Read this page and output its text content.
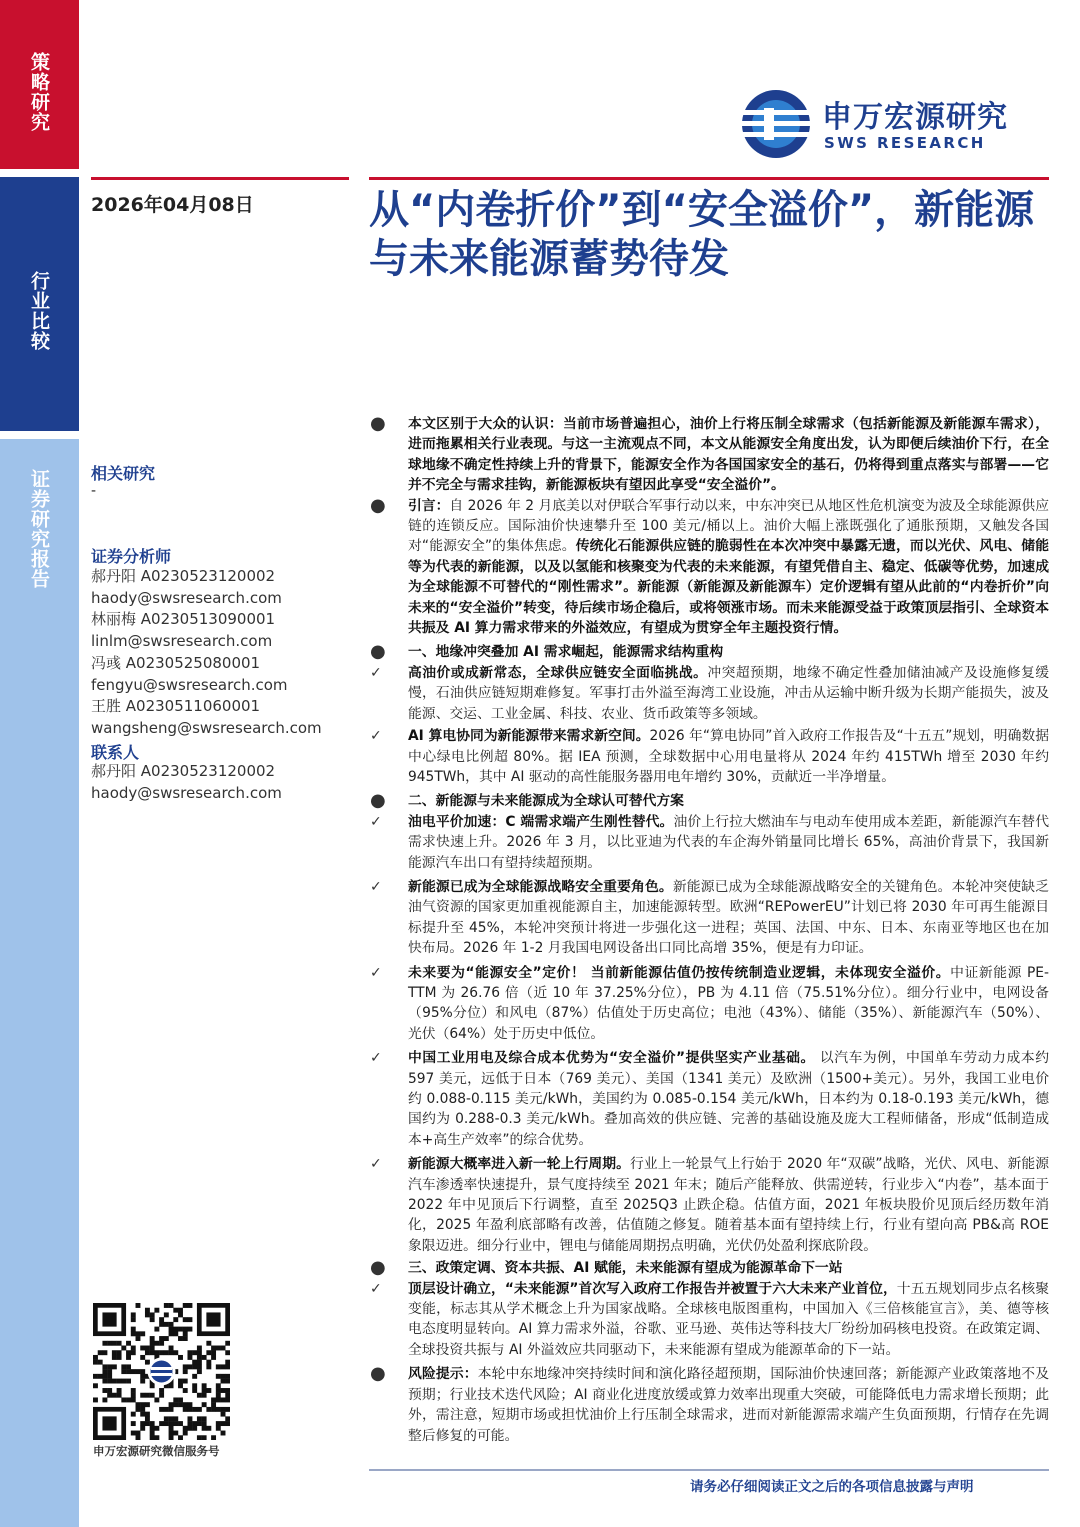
策略研究
行业比较
证券研究报告
申万宏源研究
SWS RESEARCH
2026年04月08日	从“内卷折价”到“安全溢价”，新能源与未来能源蓄势待发
相关研究
-
证券分析师
郝丹阳 A0230523120002
haody@swsresearch.com
林丽梅 A0230513090001
linlm@swsresearch.com
冯彧 A0230525080001
fengyu@swsresearch.com
王胜 A0230511060001
wangsheng@swsresearch.com
联系人
郝丹阳 A0230523120002
haody@swsresearch.com
申万宏源研究微信服务号
●	本文区别于大众的认识：当前市场普遍担心，油价上行将压制全球需求（包括新能源及新能源车需求），进而拖累相关行业表现。与这一主流观点不同，本文从能源安全角度出发，认为即便后续油价下行，在全球地缘不确定性持续上升的背景下，能源安全作为各国国家安全的基石，仍将得到重点落实与部署——它并不完全与需求挂钩，新能源板块有望因此享受“安全溢价”。
●	引言：自 2026 年 2 月底美以对伊联合军事行动以来，中东冲突已从地区性危机演变为波及全球能源供应链的连锁反应。国际油价快速攀升至 100 美元/桶以上。油价大幅上涨既强化了通胀预期，又触发各国对“能源安全”的集体焦虑。传统化石能源供应链的脆弱性在本次冲突中暴露无遗，而以光伏、风电、储能等为代表的新能源，以及以氢能和核聚变为代表的未来能源，有望凭借自主、稳定、低碳等优势，加速成为全球能源不可替代的“刚性需求”。新能源（新能源及新能源车）定价逻辑有望从此前的“内卷折价”向未来的“安全溢价”转变，待后续市场企稳后，或将领涨市场。而未来能源受益于政策顶层指引、全球资本共振及 AI 算力需求带来的外溢效应，有望成为贯穿全年主题投资行情。
●	一、地缘冲突叠加 AI 需求崛起，能源需求结构重构
✓	高油价或成新常态，全球供应链安全面临挑战。冲突超预期，地缘不确定性叠加储油减产及设施修复缓慢，石油供应链短期难修复。军事打击外溢至海湾工业设施，冲击从运输中断升级为长期产能损失，波及能源、交运、工业金属、科技、农业、货币政策等多领域。
✓	AI 算电协同为新能源带来需求新空间。2026 年“算电协同”首入政府工作报告及“十五五”规划，明确数据中心绿电比例超 80%。据 IEA 预测，全球数据中心用电量将从 2024 年约 415TWh 增至 2030 年约 945TWh，其中 AI 驱动的高性能服务器用电年增约 30%，贡献近一半净增量。
●	二、新能源与未来能源成为全球认可替代方案
✓	油电平价加速：C 端需求端产生刚性替代。油价上行拉大燃油车与电动车使用成本差距，新能源汽车替代需求快速上升。2026 年 3 月，以比亚迪为代表的车企海外销量同比增长 65%，高油价背景下，我国新能源汽车出口有望持续超预期。
✓	新能源已成为全球能源战略安全重要角色。新能源已成为全球能源战略安全的关键角色。本轮冲突使缺乏油气资源的国家更加重视能源自主，加速能源转型。欧洲“REPowerEU”计划已将 2030 年可再生能源目标提升至 45%，本轮冲突预计将进一步强化这一进程；英国、法国、中东、日本、东南亚等地区也在加快布局。2026 年 1-2 月我国电网设备出口同比高增 35%，便是有力印证。
✓	未来要为“能源安全”定价！ 当前新能源估值仍按传统制造业逻辑，未体现安全溢价。中证新能源 PE-TTM 为 26.76 倍（近 10 年 37.25%分位），PB 为 4.11 倍（75.51%分位）。细分行业中，电网设备（95%分位）和风电（87%）估值处于历史高位；电池（43%）、储能（35%）、新能源汽车（50%）、光伏（64%）处于历史中低位。
✓	中国工业用电及综合成本优势为“安全溢价”提供坚实产业基础。 以汽车为例，中国单车劳动力成本约 597 美元，远低于日本（769 美元）、美国（1341 美元）及欧洲（1500+美元）。另外，我国工业电价约 0.088-0.115 美元/kWh，美国约为 0.085-0.154 美元/kWh，日本约为 0.18-0.193 美元/kWh，德国约为 0.288-0.3 美元/kWh。叠加高效的供应链、完善的基础设施及庞大工程师储备，形成“低制造成本+高生产效率”的综合优势。
✓	新能源大概率进入新一轮上行周期。行业上一轮景气上行始于 2020 年“双碳”战略，光伏、风电、新能源汽车渗透率快速提升，景气度持续至 2021 年末；随后产能释放、供需逆转，行业步入“内卷”，基本面于 2022 年中见顶后下行调整，直至 2025Q3 止跌企稳。估值方面，2021 年板块股价见顶后经历数年消化，2025 年盈利底部略有改善，估值随之修复。随着基本面有望持续上行，行业有望向高 PB&高 ROE 象限迈进。细分行业中，锂电与储能周期拐点明确，光伏仍处盈利探底阶段。
●	三、政策定调、资本共振、AI 赋能，未来能源有望成为能源革命下一站
✓	顶层设计确立，“未来能源”首次写入政府工作报告并被置于六大未来产业首位，十五五规划同步点名核聚变能，标志其从学术概念上升为国家战略。全球核电版图重构，中国加入《三倍核能宣言》，美、德等核电态度明显转向。AI 算力需求外溢，谷歌、亚马逊、英伟达等科技大厂纷纷加码核电投资。在政策定调、全球投资共振与 AI 外溢效应共同驱动下，未来能源有望成为能源革命的下一站。
●	风险提示：本轮中东地缘冲突持续时间和演化路径超预期，国际油价快速回落；新能源产业政策落地不及预期；行业技术迭代风险；AI 商业化进度放缓或算力效率出现重大突破，可能降低电力需求增长预期；此外，需注意，短期市场或担忧油价上行压制全球需求，进而对新能源需求端产生负面预期，行情存在先调整后修复的可能。
请务必仔细阅读正文之后的各项信息披露与声明
